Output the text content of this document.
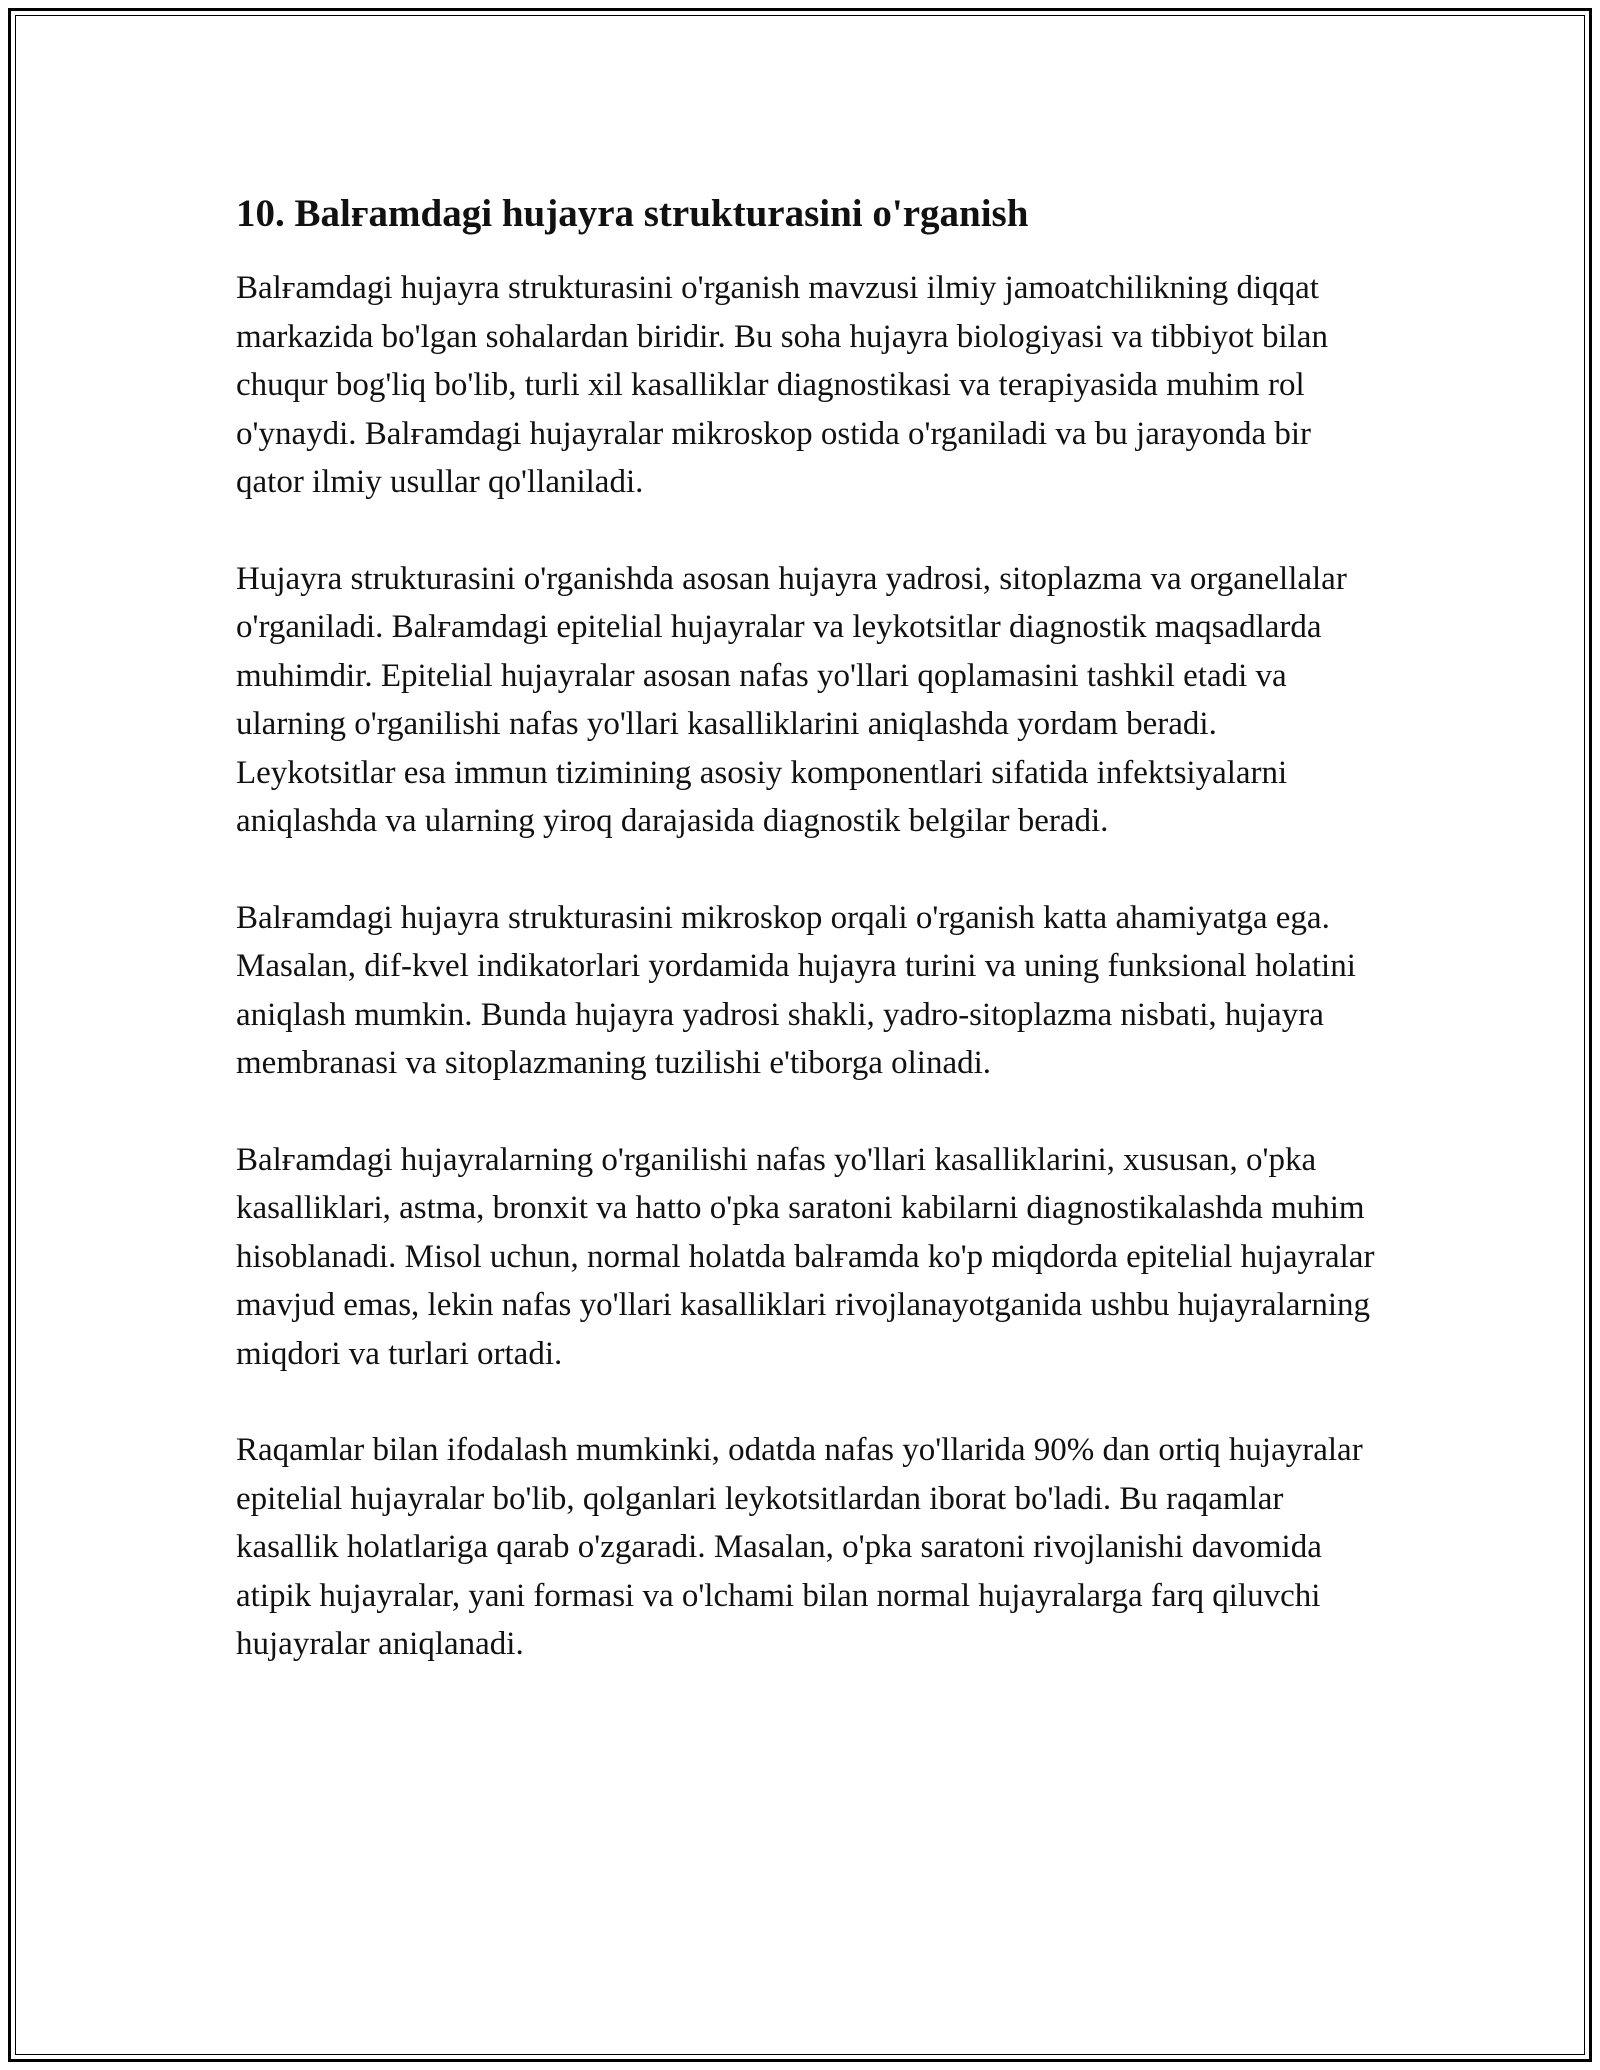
10. Balғamdagi hujayra strukturasini o'rganish

Balғamdagi hujayra strukturasini o'rganish mavzusi ilmiy jamoatchilikning diqqat markazida bo'lgan sohalardan biridir. Bu soha hujayra biologiyasi va tibbiyot bilan chuqur bog'liq bo'lib, turli xil kasalliklar diagnostikasi va terapiyasida muhim rol o'ynaydi. Balғamdagi hujayralar mikroskop ostida o'rganiladi va bu jarayonda bir qator ilmiy usullar qo'llaniladi.

Hujayra strukturasini o'rganishda asosan hujayra yadrosi, sitoplazma va organellalar o'rganiladi. Balғamdagi epitelial hujayralar va leykotsitlar diagnostik maqsadlarda muhimdir. Epitelial hujayralar asosan nafas yo'llari qoplamasini tashkil etadi va ularning o'rganilishi nafas yo'llari kasalliklarini aniqlashda yordam beradi. Leykotsitlar esa immun tizimining asosiy komponentlari sifatida infektsiyalarni aniqlashda va ularning yiroq darajasida diagnostik belgilar beradi.

Balғamdagi hujayra strukturasini mikroskop orqali o'rganish katta ahamiyatga ega. Masalan, dif-kvel indikatorlari yordamida hujayra turini va uning funksional holatini aniqlash mumkin. Bunda hujayra yadrosi shakli, yadro-sitoplazma nisbati, hujayra membranasi va sitoplazmaning tuzilishi e'tiborga olinadi.

Balғamdagi hujayralarning o'rganilishi nafas yo'llari kasalliklarini, xususan, o'pka kasalliklari, astma, bronxit va hatto o'pka saratoni kabilarni diagnostikalashda muhim hisoblanadi. Misol uchun, normal holatda balғamda ko'p miqdorda epitelial hujayralar mavjud emas, lekin nafas yo'llari kasalliklari rivojlanayotganida ushbu hujayralarning miqdori va turlari ortadi.

Raqamlar bilan ifodalash mumkinki, odatda nafas yo'llarida 90% dan ortiq hujayralar epitelial hujayralar bo'lib, qolganlari leykotsitlardan iborat bo'ladi. Bu raqamlar kasallik holatlariga qarab o'zgaradi. Masalan, o'pka saratoni rivojlanishi davomida atipik hujayralar, yani formasi va o'lchami bilan normal hujayralarga farq qiluvchi hujayralar aniqlanadi.
